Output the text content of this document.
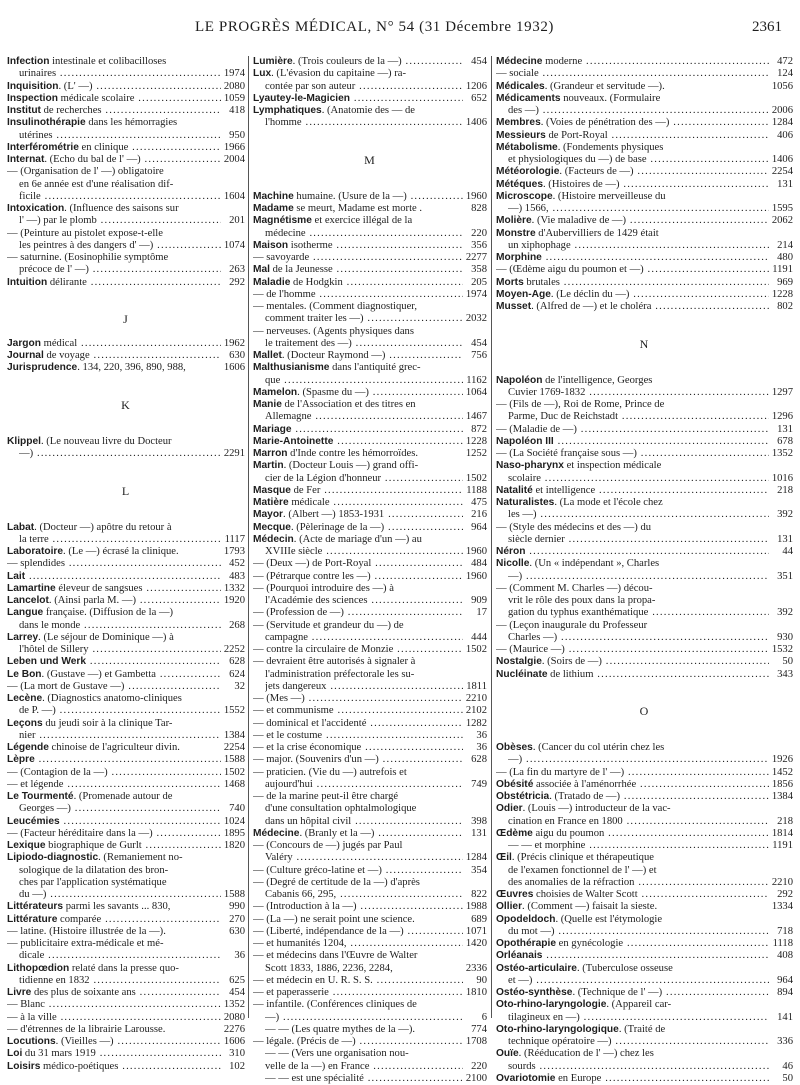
LE PROGRÈS MÉDICAL, N° 54 (31 Décembre 1932)	2361
Infection intestinale et colibacilloses
urinaires .....	1974
Inquisition. (L' —) .....	2080
Inspection médicale scolaire .....	1059
Institut de recherches .....	418
Insulinothérapie dans les hémorragies
utérines .....	950
Interférométrie en clinique .....	1966
Internat. (Echo du bal de l' —) .....	2004
— (Organisation de l' —) obligatoire
en 6e année est d'une réalisation dif-
ficile .....	1604
Intoxication. (Influence des saisons sur
l' —) par le plomb .....	201
— (Peinture au pistolet expose-t-elle
les peintres à des dangers d' —) .....	1074
— saturnine. (Eosinophilie symptôme
précoce de l' —) .....	263
Intuition délirante .....	292
J
Jargon médical .....	1962
Journal de voyage .....	630
Jurisprudence. 134, 220, 396, 890, 988,	1606
K
Klippel. (Le nouveau livre du Docteur
—) .....	2291
L
Labat. (Docteur —) apôtre du retour à
la terre .....	1117
Laboratoire. (Le —) écrasé la clinique.	1793
— splendides .....	452
Lait .....	483
Lamartine éleveur de sangsues .....	1332
Lancelot. (Ainsi parla M. —) .....	1920
Langue française. (Diffusion de la —)
dans le monde .....	268
Larrey. (Le séjour de Dominique —) à
l'hôtel de Sillery .....	2252
Leben und Werk .....	628
Le Bon. (Gustave —) et Gambetta .....	624
— (La mort de Gustave —) .....	32
Lecène. (Diagnostics anatomo-cliniques
de P. —) .....	1552
Leçons du jeudi soir à la clinique Tar-
nier .....	1384
Légende chinoise de l'agriculteur divin.	2254
Lèpre .....	1588
— (Contagion de la —) .....	1502
— et légende .....	1468
Le Tourmenté. (Promenade autour de
Georges —) .....	740
Leucémies .....	1024
— (Facteur héréditaire dans la —) .....	1895
Lexique biographique de Gurlt .....	1820
Lipiodo-diagnostic. (Remaniement no-
sologique de la dilatation des bron-
ches par l'application systématique
du —) .....	1588
Littérateurs parmi les savants ... 830,	990
Littérature comparée .....	270
— latine. (Histoire illustrée de la —).	630
— publicitaire extra-médicale et mé-
dicale .....	36
Lithopœdion relaté dans la presse quo-
tidienne en 1832 .....	625
Livre des plus de soixante ans .....	454
— Blanc .....	1352
— à la ville .....	2080
— d'étrennes de la librairie Larousse.	2276
Locutions. (Vieilles —) .....	1606
Loi du 31 mars 1919 .....	310
Loisirs médico-poétiques .....	102
Lumière. (Trois couleurs de la —) .....	454
Lux. (L'évasion du capitaine —) ra-
contée par son auteur .....	1206
Lyautey-le-Magicien .....	652
Lymphatiques. (Anatomie des — de
l'homme .....	1406
M
Machine humaine. (Usure de la —) .....	1960
Madame se meurt, Madame est morte .	828
Magnétisme et exercice illégal de la
médecine .....	220
Maison isotherme .....	356
— savoyarde .....	2277
Mal de la Jeunesse .....	358
Maladie de Hodgkin .....	205
— de l'homme .....	1974
— mentales. (Comment diagnostiquer,
comment traiter les —) .....	2032
— nerveuses. (Agents physiques dans
le traitement des —) .....	454
Mallet. (Docteur Raymond —) .....	756
Malthusianisme dans l'antiquité grec-
que .....	1162
Mamelon. (Spasme du —) .....	1064
Manie de l'Association et des titres en
Allemagne .....	1467
Mariage .....	872
Marie-Antoinette .....	1228
Marron d'Inde contre les hémorroïdes.	1252
Martin. (Docteur Louis —) grand offi-
cier de la Légion d'honneur .....	1502
Masque de Fer .....	1188
Matière médicale .....	475
Mayor. (Albert —) 1853-1931 .....	216
Mecque. (Pèlerinage de la —) .....	964
Médecin. (Acte de mariage d'un —) au
XVIIIe siècle .....	1960
— (Deux —) de Port-Royal .....	484
— (Pétrarque contre les —) .....	1960
— (Pourquoi introduire des —) à
l'Académie des sciences .....	909
— (Profession de —) .....	17
— (Servitude et grandeur du —) de
campagne .....	444
— contre la circulaire de Monzie .....	1502
— devraient être autorisés à signaler à
l'administration préfectorale les su-
jets dangereux .....	1811
— (Mes —) .....	2210
— et communisme .....	2102
— dominical et l'accidenté .....	1282
— et le costume .....	36
— et la crise économique .....	36
— major. (Souvenirs d'un —) .....	628
— praticien. (Vie du —) autrefois et
aujourd'hui .....	749
— de la marine peut-il être chargé
d'une consultation ophtalmologique
dans un hôpital civil .....	398
Médecine. (Branly et la —) .....	131
— (Concours de —) jugés par Paul
Valéry .....	1284
— (Culture gréco-latine et —) .....	354
— (Degré de certitude de la —) d'après
Cabanis 66, 295, .....	822
— (Introduction à la —) .....	1988
— (La —) ne serait point une science.	689
— (Liberté, indépendance de la —) .....	1071
— et humanités 1204, .....	1420
— et médecins dans l'Œuvre de Walter
Scott 1833, 1886, 2236, 2284,	2336
— et médecin en U. R. S. S. .....	90
— et paperasserie .....	1810
— infantile. (Conférences cliniques de
—) .....	6
— — (Les quatre mythes de la —).	774
— légale. (Précis de —) .....	1708
— — (Vers une organisation nou-
velle de la —) en France .....	220
— — est une spécialité .....	2100
Médecine moderne .....	472
— sociale .....	124
Médicales. (Grandeur et servitude —).	1056
Médicaments nouveaux. (Formulaire
des —) .....	2006
Membres. (Voies de pénétration des —) .....	1284
Messieurs de Port-Royal .....	406
Métabolisme. (Fondements physiques
et physiologiques du —) de base .....	1406
Météorologie. (Facteurs de —) .....	2254
Météques. (Histoires de —) .....	131
Microscope. (Histoire merveilleuse du
—) 1566, .....	1595
Molière. (Vie maladive de —) .....	2062
Monstre d'Aubervilliers de 1429 était
un xiphophage .....	214
Morphine .....	480
— (Œdème aigu du poumon et —) .....	1191
Morts brutales .....	969
Moyen-Age. (Le déclin du —) .....	1228
Musset. (Alfred de —) et le choléra .....	802
N
Napoléon de l'intelligence, Georges
Cuvier 1769-1832 .....	1297
— (Fils de —), Roi de Rome, Prince de
Parme, Duc de Reichstadt .....	1296
— (Maladie de —) .....	131
Napoléon III .....	678
— (La Société française sous —) .....	1352
Naso-pharynx et inspection médicale
scolaire .....	1016
Natalité et intelligence .....	218
Naturalistes. (La mode et l'école chez
les —) .....	392
— (Style des médecins et des —) du
siècle dernier .....	131
Néron .....	44
Nicolle. (Un « indépendant », Charles
—) .....	351
— (Comment M. Charles —) décou-
vrit le rôle des poux dans la propa-
gation du typhus exanthématique .....	392
— (Leçon inaugurale du Professeur
Charles —) .....	930
— (Maurice —) .....	1532
Nostalgie. (Soirs de —) .....	50
Nucléinate de lithium .....	343
O
Obèses. (Cancer du col utérin chez les
—) .....	1926
— (La fin du martyre de l' —) .....	1452
Obésité associée à l'aménorrhée .....	1856
Obstétricia. (Tratado de —) .....	1384
Odier. (Louis —) introducteur de la vac-
cination en France en 1800 .....	218
Œdème aigu du poumon .....	1814
— — et morphine .....	1191
Œil. (Précis clinique et thérapeutique
de l'examen fonctionnel de l' —) et
des anomalies de la réfraction .....	2210
Œuvres choisies de Walter Scott .....	292
Ollier. (Comment —) faisait la sieste.	1334
Opodeldoch. (Quelle est l'étymologie
du mot —) .....	718
Opothérapie en gynécologie .....	1118
Orléanais .....	408
Ostéo-articulaire. (Tuberculose osseuse
et —) .....	964
Ostéo-synthèse. (Technique de l' —) .....	894
Oto-rhino-laryngologie. (Appareil car-
tilagineux en —) .....	141
Oto-rhino-laryngologique. (Traité de
technique opératoire —) .....	336
Ouïe. (Rééducation de l' —) chez les
sourds .....	46
Ovariotomie en Europe .....	50
